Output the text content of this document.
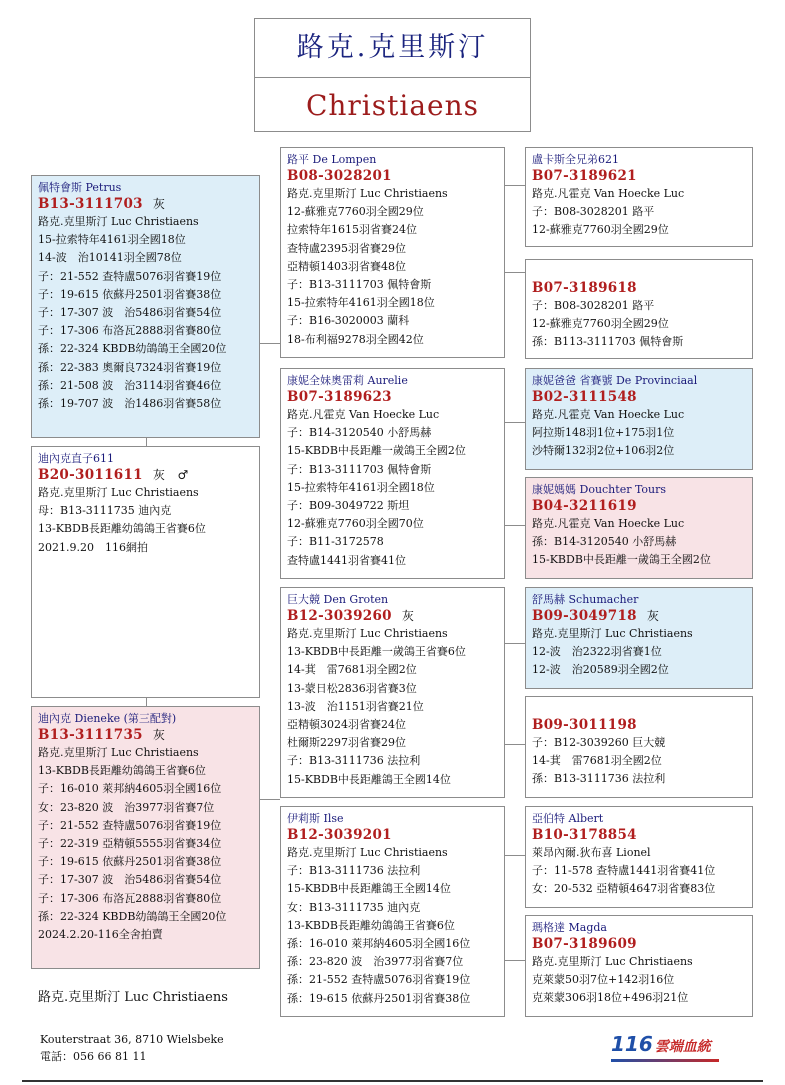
路克.克里斯汀
Christiaens
佩特會斯 Petrus
B13-3111703 灰
路克.克里斯汀 Luc Christiaens
15-拉索特年4161羽全國18位
14-波　治10141羽全國78位
子：21-552 查特盧5076羽省賽19位
子：19-615 依蘇丹2501羽省賽38位
子：17-307 波　治5486羽省賽54位
子：17-306 布洛瓦2888羽省賽80位
孫：22-324 KBDB幼鴿鴿王全國20位
孫：22-383 奧爾良7324羽省賽19位
孫：21-508 波　治3114羽省賽46位
孫：19-707 波　治1486羽省賽58位
迪內克直子611
B20-3011611 灰　♂
路克.克里斯汀 Luc Christiaens
母：B13-3111735 迪內克
13-KBDB長距離幼鴿鴿王省賽6位
2021.9.20　116網拍
迪內克 Dieneke (第三配對)
B13-3111735 灰
路克.克里斯汀 Luc Christiaens
13-KBDB長距離幼鴿鴿王省賽6位
子：16-010 萊邦納4605羽全國16位
女：23-820 波　治3977羽省賽7位
子：21-552 查特盧5076羽省賽19位
子：22-319 亞精頓5555羽省賽34位
子：19-615 依蘇丹2501羽省賽38位
子：17-307 波　治5486羽省賽54位
子：17-306 布洛瓦2888羽省賽80位
孫：22-324 KBDB幼鴿鴿王全國20位
2024.2.20-116全舍拍賣
路平 De Lompen
B08-3028201
路克.克里斯汀 Luc Christiaens
12-蘇雅克7760羽全國29位
拉索特年1615羽省賽24位
查特盧2395羽省賽29位
亞精頓1403羽省賽48位
子：B13-3111703 佩特會斯
15-拉索特年4161羽全國18位
子：B16-3020003 蘭科
18-布利福9278羽全國42位
康妮全妹奧雷莉 Aurelie
B07-3189623
路克.凡霍克 Van Hoecke Luc
子：B14-3120540 小舒馬赫
15-KBDB中長距離一歲鴿王全國2位
子：B13-3111703 佩特會斯
15-拉索特年4161羽全國18位
子：B09-3049722 斯坦
12-蘇雅克7760羽全國70位
子：B11-3172578
查特盧1441羽省賽41位
巨大競 Den Groten
B12-3039260 灰
路克.克里斯汀 Luc Christiaens
13-KBDB中長距離一歲鴿王省賽6位
14-萁　雷7681羽全國2位
13-蒙日松2836羽省賽3位
13-波　治1151羽省賽21位
亞精頓3024羽省賽24位
杜爾斯2297羽省賽29位
子：B13-3111736 法拉利
15-KBDB中長距離鴿王全國14位
伊莉斯 Ilse
B12-3039201
路克.克里斯汀 Luc Christiaens
子：B13-3111736 法拉利
15-KBDB中長距離鴿王全國14位
女：B13-3111735 迪內克
13-KBDB長距離幼鴿鴿王省賽6位
孫：16-010 萊邦納4605羽全國16位
孫：23-820 波　治3977羽省賽7位
孫：21-552 查特盧5076羽省賽19位
孫：19-615 依蘇丹2501羽省賽38位
盧卡斯全兄弟621
B07-3189621
路克.凡霍克 Van Hoecke Luc
子：B08-3028201 路平
12-蘇雅克7760羽全國29位
B07-3189618
子：B08-3028201 路平
12-蘇雅克7760羽全國29位
孫：B113-3111703 佩特會斯
康妮爸爸 省賽號 De Provinciaal
B02-3111548
路克.凡霍克 Van Hoecke Luc
阿拉斯148羽1位+175羽1位
沙特爾132羽2位+106羽2位
康妮媽媽 Douchter Tours
B04-3211619
路克.凡霍克 Van Hoecke Luc
孫：B14-3120540 小舒馬赫
15-KBDB中長距離一歲鴿王全國2位
舒馬赫 Schumacher
B09-3049718 灰
路克.克里斯汀 Luc Christiaens
12-波　治2322羽省賽1位
12-波　治20589羽全國2位
B09-3011198
子：B12-3039260 巨大競
14-萁　雷7681羽全國2位
孫：B13-3111736 法拉利
亞伯特 Albert
B10-3178854
萊昂內爾.狄布喜 Lionel
子：11-578 查特盧1441羽省賽41位
女：20-532 亞精頓4647羽省賽83位
瑪格達 Magda
B07-3189609
路克.克里斯汀 Luc Christiaens
克萊蒙50羽7位+142羽16位
克萊蒙306羽18位+496羽21位
路克.克里斯汀 Luc Christiaens
Kouterstraat 36, 8710 Wielsbeke
電話：056 66 81 11
116 雲端血統
